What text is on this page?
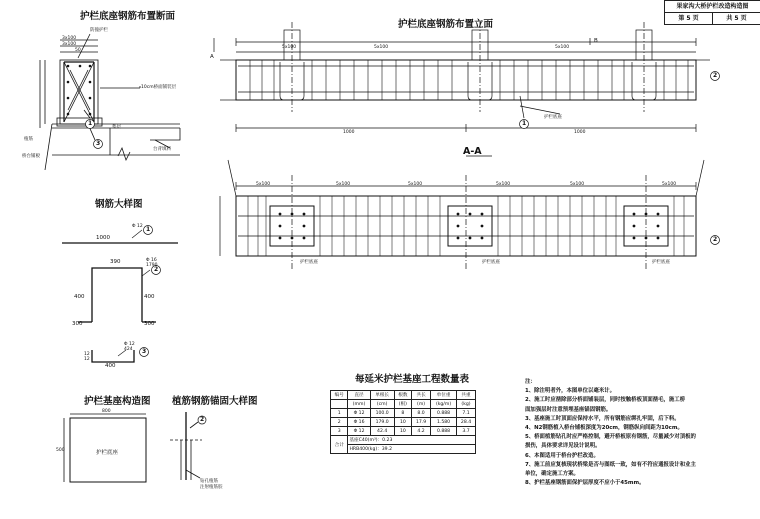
果家沟大桥护栏改造构造图
第 5 页	共 5 页
护栏底座钢筋布置断面
护栏底座钢筋布置立面
A-A
钢筋大样图
护栏基座构造图 植筋钢筋锚固大样图
每延米护栏基座工程数量表
防撞护栏
3x100
3x100
50
10cm桥面铺装层
垫层
台背填料
桥台铺板
植筋
1
3
5x100	5x100	5x100
1000	1000
护栏底座
2
1
B
A
5x100	5x100	5x100	5x100	5x100	5x100
护栏底座	护栏底座	护栏底座
2
1000
Φ 12 1
390
400	400
300	300
Φ 16
1790
2
Φ 12
424 3
400
12
12
800
500	护栏底座
2
钻孔植筋
注射植筋胶
编号	直径	单根长	根数	共长	单位重	共重
	(mm)	(cm)	(根)	(m)	(kg/m)	(kg)
1	Φ 12	100.0	8	8.0	0.888	7.1
2	Φ 16	179.0	10	17.9	1.580	28.4
3	Φ 12	42.4	10	4.2	0.888	3.7
合计	基座C40(m³)：0.23					
	HRB400(kg)：39.2					
注：
1、除注明者外，本图单位以毫米计。
2、施工时应凿除部分桥面铺装层，同时按触桥板顶面凿毛，施工桥
面加强层时注意预埋基座锚固钢筋。
3、基座施工时顶面应保持水平，所有钢筋应绑扎牢固，后下料。
4、N2钢筋植入桥台铺板深度为20cm，钢筋纵向间距为10cm。
5、桥面植筋钻孔时应严格控制，避开桥板原有钢筋，尽量减少对顶板的
损伤，具体要求详见设计说明。
6、本图适用于桥台护栏改造。
7、施工前应复核现状桥梁是否与图纸一致，如有不符应通报设计和业主
单位，确定施工方案。
8、护栏基座钢筋面保护层厚度不应小于45mm。
